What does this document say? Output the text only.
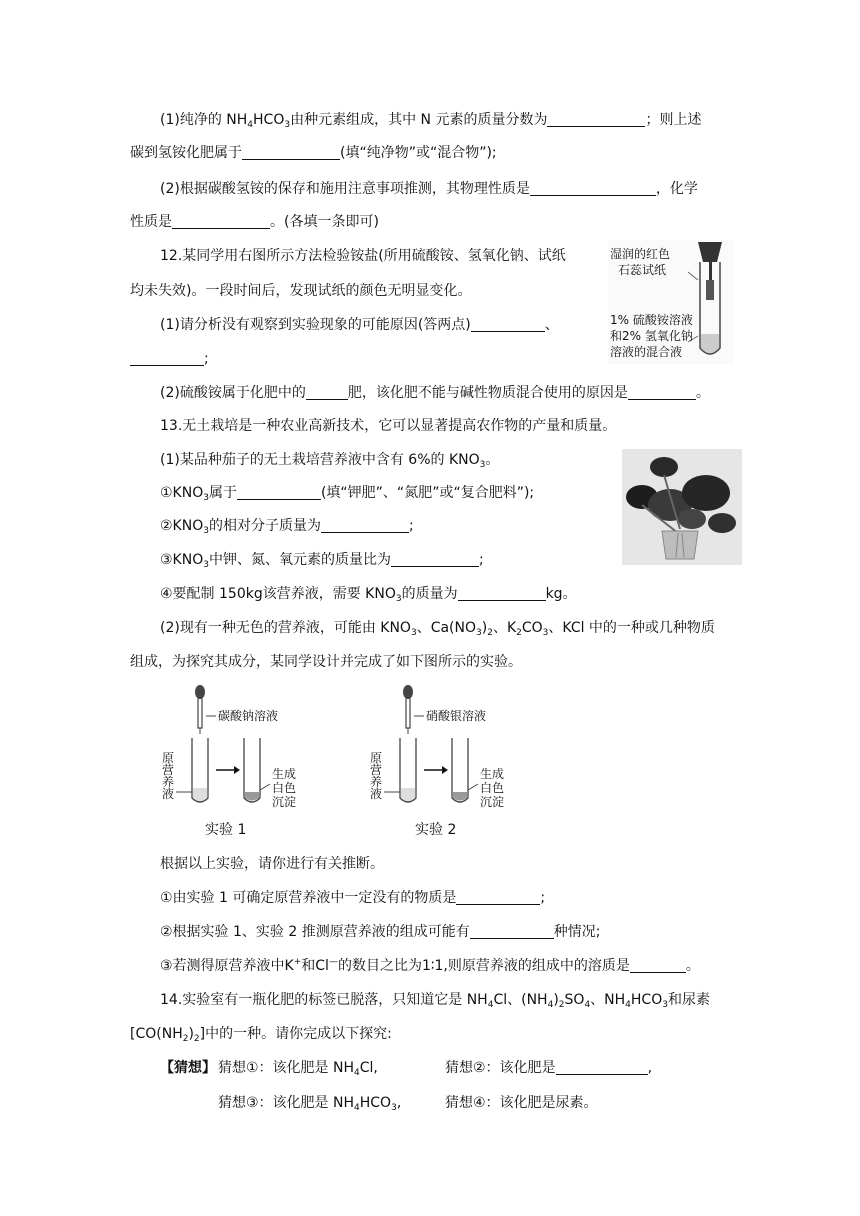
(1)纯净的 $NH_4HCO_3$由种元素组成，其中 N 元素的质量分数为	；则上述
碳到氢铵化肥属于	(填“纯净物”或“混合物”);
(2)根据碳酸氢铵的保存和施用注意事项推测，其物理性质是	，化学
性质是	。(各填一条即可)
12.某同学用右图所示方法检验铵盐(所用硫酸铵、氢氧化钠、试纸
均未失效)。一段时间后，发现试纸的颜色无明显变化。
(1)请分析没有观察到实验现象的可能原因(答两点)	、
;
(2)硫酸铵属于化肥中的	肥，该化肥不能与碱性物质混合使用的原因是	。
湿润的红色
石蕊试纸
1% 硫酸铵溶液
和2% 氢氧化钠
溶液的混合液
13.无土栽培是一种农业高新技术，它可以显著提高农作物的产量和质量。
(1)某品种茄子的无土栽培营养液中含有 6%的 $KNO_3$。
$①KNO_3$属于	(填“钾肥”、“氮肥”或“复合肥料”);
$②KNO_3$的相对分子质量为	;
$③KNO_3$中钾、氮、氧元素的质量比为	;
④要配制 150kg该营养液，需要 $KNO_3$的质量为	kg。
(2)现有一种无色的营养液，可能由 $KNO_3$、$Ca(NO_3)_2$、$K_2CO_3$、KCl 中的一种或几种物质
组成，为探究其成分，某同学设计并完成了如下图所示的实验。
碳酸钠溶液
原
营
养
液
生成
白色
沉淀
实验 1
硝酸银溶液
原
营
养
液
生成
白色
沉淀
实验 2
根据以上实验，请你进行有关推断。
①由实验 1 可确定原营养液中一定没有的物质是	;
②根据实验 1、实验 2 推测原营养液的组成可能有	种情况;
③若测得原营养液中K+和Cl—的数目之比为1∶1,则原营养液的组成中的溶质是	。
14.实验室有一瓶化肥的标签已脱落，只知道它是 $NH_4Cl$、$(NH_4)_2SO_4$、$NH_4HCO_3$和尿素
$[CO(NH_2)_2]$中的一种。请你完成以下探究:
【猜想】 猜想①：该化肥是 $NH_4Cl$,	猜想②：该化肥是	,
猜想③：该化肥是 $NH_4HCO_3$,	猜想④：该化肥是尿素。
